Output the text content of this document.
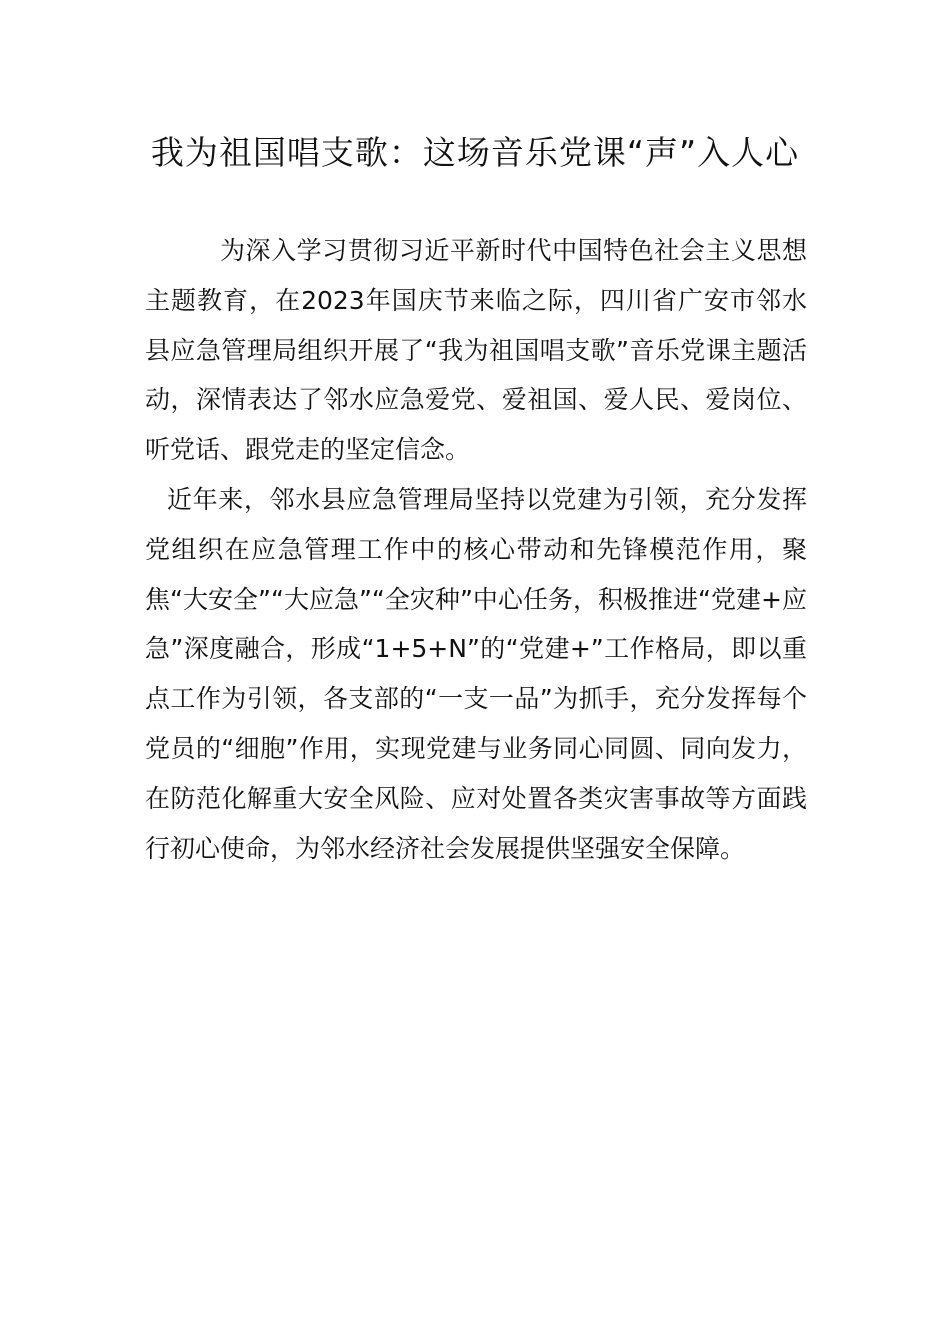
我为祖国唱支歌：这场音乐党课“声”入人心

为深入学习贯彻习近平新时代中国特色社会主义思想主题教育，在2023年国庆节来临之际，四川省广安市邻水县应急管理局组织开展了“我为祖国唱支歌”音乐党课主题活动，深情表达了邻水应急爱党、爱祖国、爱人民、爱岗位、听党话、跟党走的坚定信念。

近年来，邻水县应急管理局坚持以党建为引领，充分发挥党组织在应急管理工作中的核心带动和先锋模范作用，聚焦“大安全”“大应急”“全灾种”中心任务，积极推进“党建+应急”深度融合，形成“1+5+N”的“党建+”工作格局，即以重点工作为引领，各支部的“一支一品”为抓手，充分发挥每个党员的“细胞”作用，实现党建与业务同心同圆、同向发力，在防范化解重大安全风险、应对处置各类灾害事故等方面践行初心使命，为邻水经济社会发展提供坚强安全保障。
